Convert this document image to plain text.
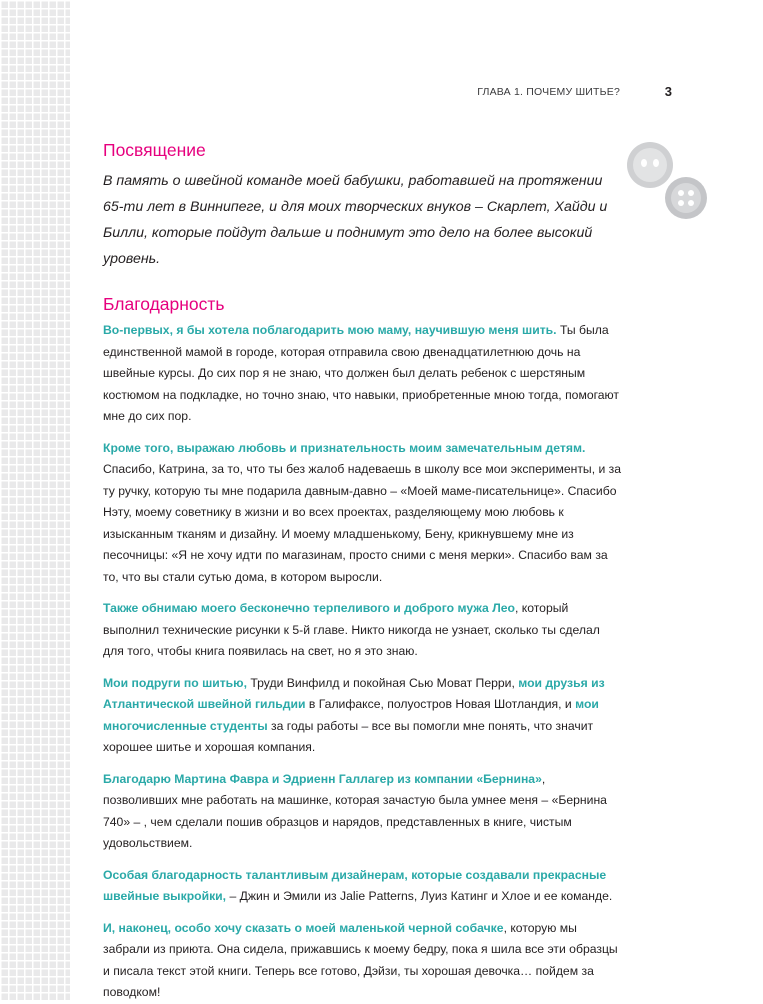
ГЛАВА 1. ПОЧЕМУ ШИТЬЕ?	3
Посвящение

В память о швейной команде моей бабушки, работавшей на протяжении 65-ти лет в Виннипеге, и для моих творческих внуков – Скарлет, Хайди и Билли, которые пойдут дальше и поднимут это дело на более высокий уровень.

Благодарность

Во-первых, я бы хотела поблагодарить мою маму, научившую меня шить. Ты была единственной мамой в городе, которая отправила свою двенадцатилетнюю дочь на швейные курсы. До сих пор я не знаю, что должен был делать ребенок с шерстяным костюмом на подкладке, но точно знаю, что навыки, приобретенные мною тогда, помогают мне до сих пор.

Кроме того, выражаю любовь и признательность моим замечательным детям. Спасибо, Катрина, за то, что ты без жалоб надеваешь в школу все мои эксперименты, и за ту ручку, которую ты мне подарила давным-давно – «Моей маме-писательнице». Спасибо Нэту, моему советнику в жизни и во всех проектах, разделяющему мою любовь к изысканным тканям и дизайну. И моему младшенькому, Бену, крикнувшему мне из песочницы: «Я не хочу идти по магазинам, просто сними с меня мерки». Спасибо вам за то, что вы стали сутью дома, в котором выросли.

Также обнимаю моего бесконечно терпеливого и доброго мужа Лео, который выполнил технические рисунки к 5-й главе. Никто никогда не узнает, сколько ты сделал для того, чтобы книга появилась на свет, но я это знаю.

Мои подруги по шитью, Труди Винфилд и покойная Сью Моват Перри, мои друзья из Атлантической швейной гильдии в Галифаксе, полуостров Новая Шотландия, и мои многочисленные студенты за годы работы – все вы помогли мне понять, что значит хорошее шитье и хорошая компания.

Благодарю Мартина Фавра и Эдриенн Галлагер из компании «Бернина», позволивших мне работать на машинке, которая зачастую была умнее меня – «Бернина 740» – , чем сделали пошив образцов и нарядов, представленных в книге, чистым удовольствием.

Особая благодарность талантливым дизайнерам, которые создавали прекрасные швейные выкройки, – Джин и Эмили из Jalie Patterns, Луиз Катинг и Хлое и ее команде.

И, наконец, особо хочу сказать о моей маленькой черной собачке, которую мы забрали из приюта. Она сидела, прижавшись к моему бедру, пока я шила все эти образцы и писала текст этой книги. Теперь все готово, Дэйзи, ты хорошая девочка… пойдем за поводком!
